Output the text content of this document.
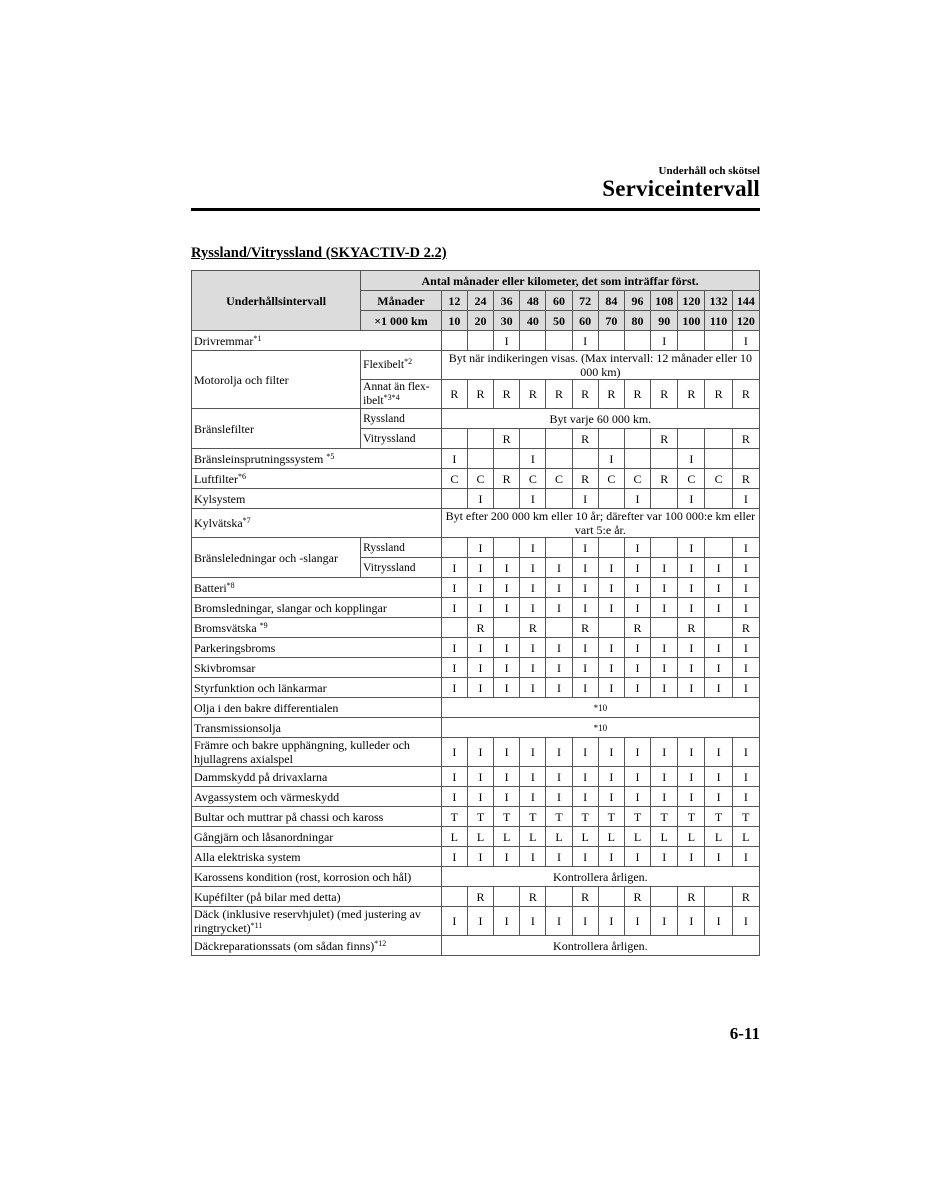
Underhåll och skötsel
Serviceintervall
Ryssland/Vitryssland (SKYACTIV-D 2.2)
Underhållsintervall	Antal månader eller kilometer, det som inträffar först.												
	Månader	12	24	36	48	60	72	84	96	108	120	132	144
	×1 000 km	10	20	30	40	50	60	70	80	90	100	110	120
Drivremmar$^{*1}$				I			I			I			I
Motorolja och filter	Flexibelt$^{*2}$	Byt när indikeringen visas. (Max intervall: 12 månader eller 10 000 km)											
	Annat än flex-ibelt$^{*3*4}$	R	R	R	R	R	R	R	R	R	R	R	R
Bränslefilter	Ryssland	Byt varje 60 000 km.											
	Vitryssland			R			R			R			R
Bränsleinsprutningssystem $^{*5}$		I			I			I			I		
Luftfilter$^{*6}$		C	C	R	C	C	R	C	C	R	C	C	R
Kylsystem			I		I		I		I		I		I
Kylvätska$^{*7}$		Byt efter 200 000 km eller 10 år; därefter var 100 000:e km eller vart 5:e år.											
Bränsleledningar och -slangar	Ryssland		I		I		I		I		I		I
	Vitryssland	I	I	I	I	I	I	I	I	I	I	I	I
Batteri$^{*8}$		I	I	I	I	I	I	I	I	I	I	I	I
Bromsledningar, slangar och kopplingar		I	I	I	I	I	I	I	I	I	I	I	I
Bromsvätska $^{*9}$			R		R		R		R		R		R
Parkeringsbroms		I	I	I	I	I	I	I	I	I	I	I	I
Skivbromsar		I	I	I	I	I	I	I	I	I	I	I	I
Styrfunktion och länkarmar		I	I	I	I	I	I	I	I	I	I	I	I
Olja i den bakre differentialen		*10											
Transmissionsolja		*10											
Främre och bakre upphängning, kulleder och hjullagrens axialspel		I	I	I	I	I	I	I	I	I	I	I	I
Dammskydd på drivaxlarna		I	I	I	I	I	I	I	I	I	I	I	I
Avgassystem och värmeskydd		I	I	I	I	I	I	I	I	I	I	I	I
Bultar och muttrar på chassi och kaross		T	T	T	T	T	T	T	T	T	T	T	T
Gångjärn och låsanordningar		L	L	L	L	L	L	L	L	L	L	L	L
Alla elektriska system		I	I	I	I	I	I	I	I	I	I	I	I
Karossens kondition (rost, korrosion och hål)		Kontrollera årligen.											
Kupéfilter (på bilar med detta)			R		R		R		R		R		R
Däck (inklusive reservhjulet) (med justering av ringtrycket)$^{*11}$		I	I	I	I	I	I	I	I	I	I	I	I
Däckreparationssats (om sådan finns)$^{*12}$		Kontrollera årligen.											
6-11
